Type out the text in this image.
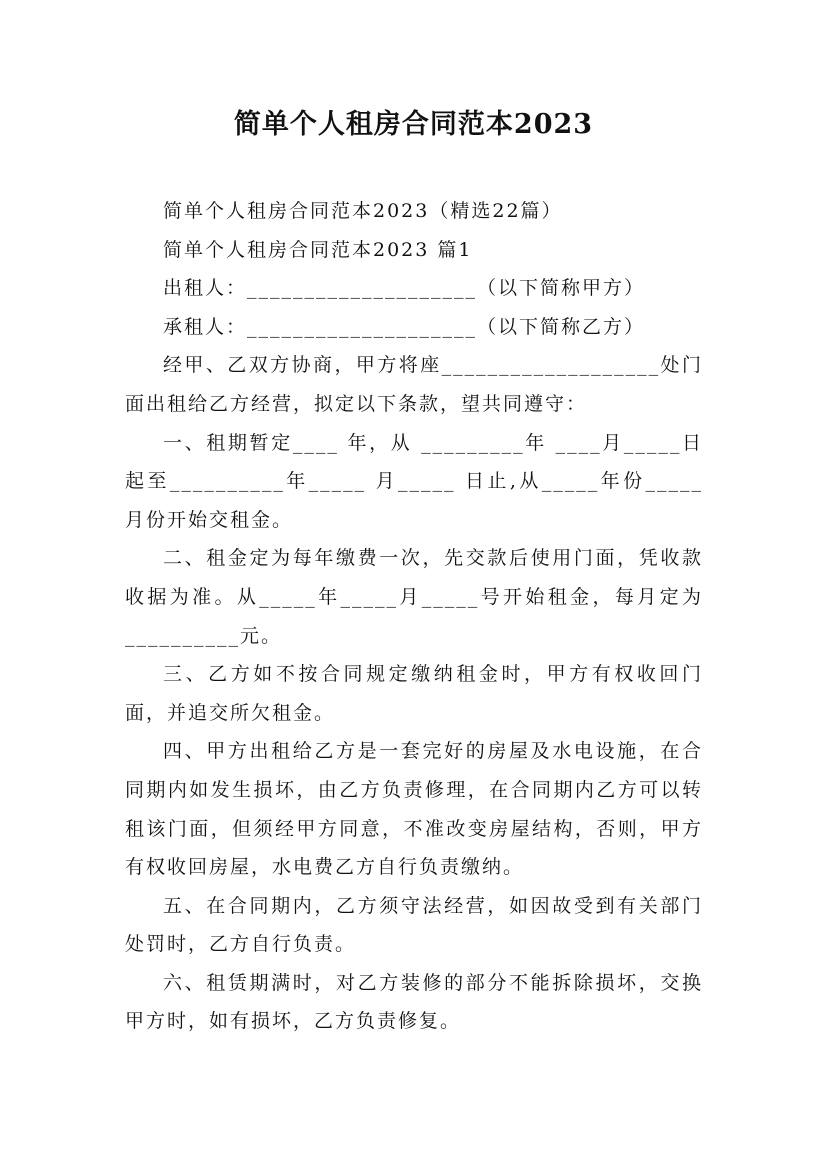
简单个人租房合同范本2023

简单个人租房合同范本2023（精选22篇）

简单个人租房合同范本2023 篇1

出租人：____________________（以下简称甲方）

承租人：____________________（以下简称乙方）

经甲、乙双方协商，甲方将座___________________处门面出租给乙方经营，拟定以下条款，望共同遵守：

一、租期暂定____ 年，从 _________年 ____月_____日起至__________年_____ 月_____ 日止,从_____年份_____月份开始交租金。

二、租金定为每年缴费一次，先交款后使用门面，凭收款收据为准。从_____年_____月_____号开始租金，每月定为__________元。

三、乙方如不按合同规定缴纳租金时，甲方有权收回门面，并追交所欠租金。

四、甲方出租给乙方是一套完好的房屋及水电设施，在合同期内如发生损坏，由乙方负责修理，在合同期内乙方可以转租该门面，但须经甲方同意，不准改变房屋结构，否则，甲方有权收回房屋，水电费乙方自行负责缴纳。

五、在合同期内，乙方须守法经营，如因故受到有关部门处罚时，乙方自行负责。

六、租赁期满时，对乙方装修的部分不能拆除损坏，交换甲方时，如有损坏，乙方负责修复。
